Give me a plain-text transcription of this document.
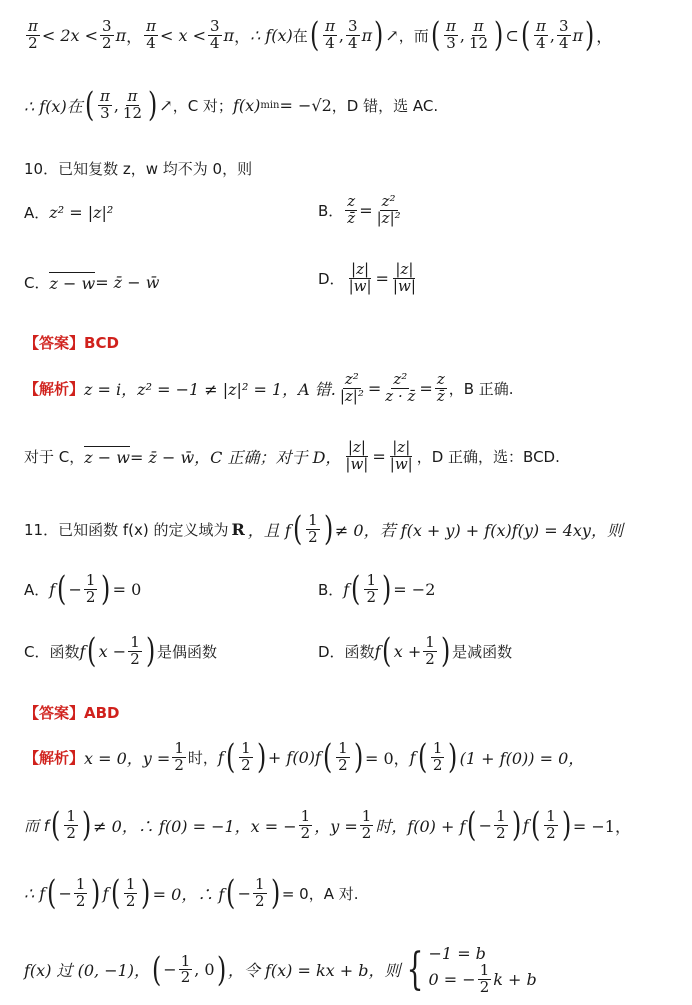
$\frac{\pi}{2} < 2x < \frac{3}{2}$ π ， $\frac{\pi}{4} < x < \frac{3}{4}$ π ， ∴ f(x) 在 ( $\frac{\pi}{4}$ , $\frac{3}{4}$ π ) ↗ ，而 ( $\frac{\pi}{3}$ , $\frac{\pi}{12}$ ) ⊂ ( $\frac{\pi}{4}$ , $\frac{3}{4}$ π ) ，
∴ f(x)在 ( $\frac{\pi}{3}$ , $\frac{\pi}{12}$ ) ↗ ，C 对； f(x) min = −√2 ，D 错，选 AC.
10．已知复数 z，w 均不为 0，则
A． z² = |z|²	B． $\frac{z}{z̄} = \frac{\text{z²}}{\text{|z|²}}$
C． z − w = z̄ − w̄	D． $\frac{|z|}{|w|} = \frac{|z|}{|w|}$
【答案】 BCD
【解析】 z = i，z² = −1 ≠ |z|² = 1，A 错. $\frac{\text{z²}}{\text{|z|²}} = \frac{\text{z²}}{z \cdot z̄} = \frac{z}{z̄}$ ，B 正确.
对于 C， z − w = z̄ − w̄，C 正确；对于 D， $\frac{|z|}{|w|} = \frac{|z|}{|w|}$ ，D 正确，选：BCD.
11．已知函数 f(x) 的定义域为 R ，且 f ( $\frac{1}{2}$ ) ≠ 0，若 f(x + y) + f(x)f(y) = 4xy，则
A． f ( − $\frac{1}{2}$ ) = 0	B． f ( $\frac{1}{2}$ ) = −2
C．函数 f ( $x - \frac{1}{2}$ ) 是偶函数	D．函数 f ( $x + \frac{1}{2}$ ) 是减函数
【答案】 ABD
【解析】 x = 0，$y = \frac{1}{2}$ 时， f ( $\frac{1}{2}$ ) + f(0)f ( $\frac{1}{2}$ ) = 0， f ( $\frac{1}{2}$ ) (1 + f(0)) = 0，
而 f ( $\frac{1}{2}$ ) ≠ 0，∴ f(0) = −1，x = − $\frac{1}{2}$ ，$y = \frac{1}{2}$ 时，f(0) + f ( − $\frac{1}{2}$ ) f ( $\frac{1}{2}$ ) = −1，
∴ f ( − $\frac{1}{2}$ ) f ( $\frac{1}{2}$ ) = 0，∴ f ( − $\frac{1}{2}$ ) = 0，A 对.
f(x) 过 (0, −1)， ( − $\frac{1}{2}$ , 0 ) ，令 f(x) = kx + b，则 { −1 = b
0 = − $\frac{1}{2}$ k + b
